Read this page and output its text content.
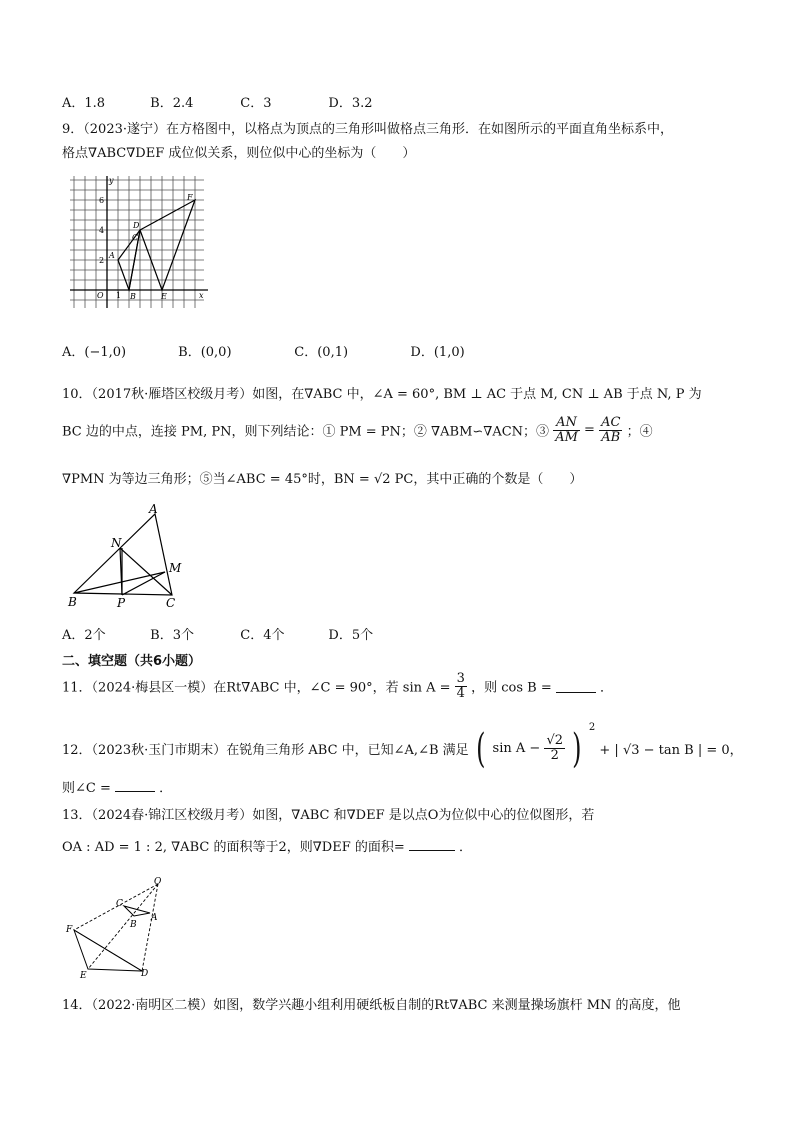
A．1.8	B．2.4	C．3	D．3.2
9．（2023·遂宁）在方格图中，以格点为顶点的三角形叫做格点三角形．在如图所示的平面直角坐标系中，
格点∇ABC∇DEF 成位似关系，则位似中心的坐标为（　　）
y
x
O 1
2
4
6
A
B
C
D
E
F
A．(−1,0)	B．(0,0)	C．(0,1)	D．(1,0)
10．（2017秋·雁塔区校级月考）如图，在∇ABC 中，∠A = 60°, BM ⊥ AC 于点 M, CN ⊥ AB 于点 N, P 为
BC 边的中点，连接 PM, PN，则下列结论：① PM = PN；② ∇ABM∽∇ACN；③ $\frac{AN}{AM} = \frac{AC}{AB}$ ；④
∇PMN 为等边三角形；⑤当∠ABC = 45°时，BN = √2 PC，其中正确的个数是（　　）
A
N
M
B	P	C
A．2个	B．3个	C．4个	D．5个
二、填空题（共6小题）
11．（2024·梅县区一模）在Rt∇ABC 中，∠C = 90°，若 $\sin A = \frac{3}{4}$ ，则 cos B =	．
12．（2023秋·玉门市期末）在锐角三角形 ABC 中，已知∠A,∠B 满足 ( $\sin A - \frac{√2}{2}$ ) $^2$ + | √3 − tan B | = 0，
则∠C =	．
13．（2024春·锦江区校级月考）如图，∇ABC 和∇DEF 是以点O为位似中心的位似图形，若
OA : AD = 1 : 2, ∇ABC 的面积等于2，则∇DEF 的面积=	．
O
C
A
B
F
E	D
14．（2022·南明区二模）如图，数学兴趣小组利用硬纸板自制的Rt∇ABC 来测量操场旗杆 MN 的高度，他
